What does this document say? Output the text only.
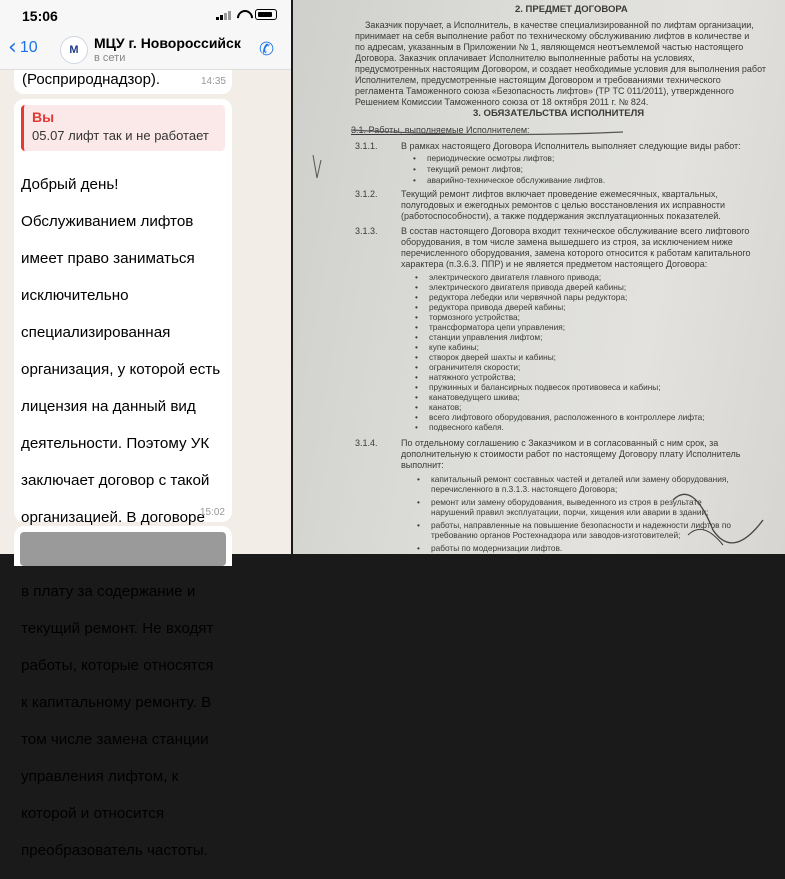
15:06
‹ 10	М МЦУ г. Новороссийск
в сети	✆
(Росприроднадзор).	14:35
Вы
05.07 лифт так и не работает

Добрый день!

Обслуживанием лифтов

имеет право заниматься

исключительно

специализированная

организация, у которой есть

лицензия на данный вид

деятельности. Поэтому УК

заключает договор с такой

организацией. В договоре

в плату за содержание и

текущий ремонт. Не входят

работы, которые относятся

к капитальному ремонту. В

том числе замена станции

управления лифтом, к

которой и относится

преобразователь частоты.

15:02
2. ПРЕДМЕТ ДОГОВОРА
Заказчик поручает, а Исполнитель, в качестве специализированной по лифтам организации,
принимает на себя выполнение работ по техническому обслуживанию лифтов в количестве и
по адресам, указанным в Приложении № 1, являющемся неотъемлемой частью настоящего
Договора. Заказчик оплачивает Исполнителю выполненные работы на условиях,
предусмотренных настоящим Договором, и создает необходимые условия для выполнения работ
Исполнителем, предусмотренные настоящим Договором и требованиями технического
регламента Таможенного союза «Безопасность лифтов» (ТР ТС 011/2011), утвержденного
Решением Комиссии Таможенного союза от 18 октября 2011 г. № 824.
3. ОБЯЗАТЕЛЬСТВА ИСПОЛНИТЕЛЯ
3.1. Работы, выполняемые Исполнителем:
3.1.1.	В рамках настоящего Договора Исполнитель выполняет следующие виды работ:
• периодические осмотры лифтов;
• текущий ремонт лифтов;
• аварийно-техническое обслуживание лифтов.
3.1.2.	Текущий ремонт лифтов включает проведение ежемесячных, квартальных,
полугодовых и ежегодных ремонтов с целью восстановления их исправности
(работоспособности), а также поддержания эксплуатационных показателей.
3.1.3.	В состав настоящего Договора входит техническое обслуживание всего лифтового
оборудования, в том числе замена вышедшего из строя, за исключением ниже
перечисленного оборудования, замена которого относится к работам капитального
характера (п.3.6.3. ППР) и не является предметом настоящего Договора:
• электрического двигателя главного привода;
• электрического двигателя привода дверей кабины;
• редуктора лебедки или червячной пары редуктора;
• редуктора привода дверей кабины;
• тормозного устройства;
• трансформатора цепи управления;
• станции управления лифтом;
• купе кабины;
• створок дверей шахты и кабины;
• ограничителя скорости;
• натяжного устройства;
• пружинных и балансирных подвесок противовеса и кабины;
• канатоведущего шкива;
• канатов;
• всего лифтового оборудования, расположенного в контроллере лифта;
• подвесного кабеля.
3.1.4.	По отдельному соглашению с Заказчиком и в согласованный с ним срок, за
дополнительную к стоимости работ по настоящему Договору плату Исполнитель
выполнит:
• капитальный ремонт составных частей и деталей или замену оборудования,
перечисленного в п.3.1.3. настоящего Договора;
• ремонт или замену оборудования, выведенного из строя в результате
нарушений правил эксплуатации, порчи, хищения или аварии в здании;
• работы, направленные на повышение безопасности и надежности лифтов по
требованию органов Ростехнадзора или заводов-изготовителей;
• работы по модернизации лифтов.
